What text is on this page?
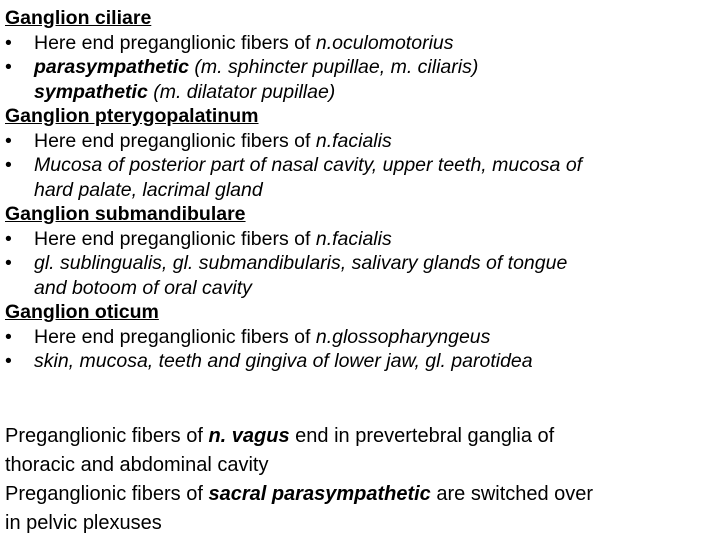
Ganglion ciliare
• Here end preganglionic fibers of n.oculomotorius
• parasympathetic (m. sphincter pupillae, m. ciliaris)
sympathetic (m. dilatator pupillae)
Ganglion pterygopalatinum
• Here end preganglionic fibers of n.facialis
• Mucosa of posterior part of nasal cavity, upper teeth, mucosa of
hard palate, lacrimal gland
Ganglion submandibulare
• Here end preganglionic fibers of n.facialis
• gl. sublingualis, gl. submandibularis, salivary glands of tongue
and botoom of oral cavity
Ganglion oticum
• Here end preganglionic fibers of n.glossopharyngeus
• skin, mucosa, teeth and gingiva of lower jaw, gl. parotidea
Preganglionic fibers of n. vagus end in prevertebral ganglia of
thoracic and abdominal cavity
Preganglionic fibers of sacral parasympathetic are switched over
in pelvic plexuses
